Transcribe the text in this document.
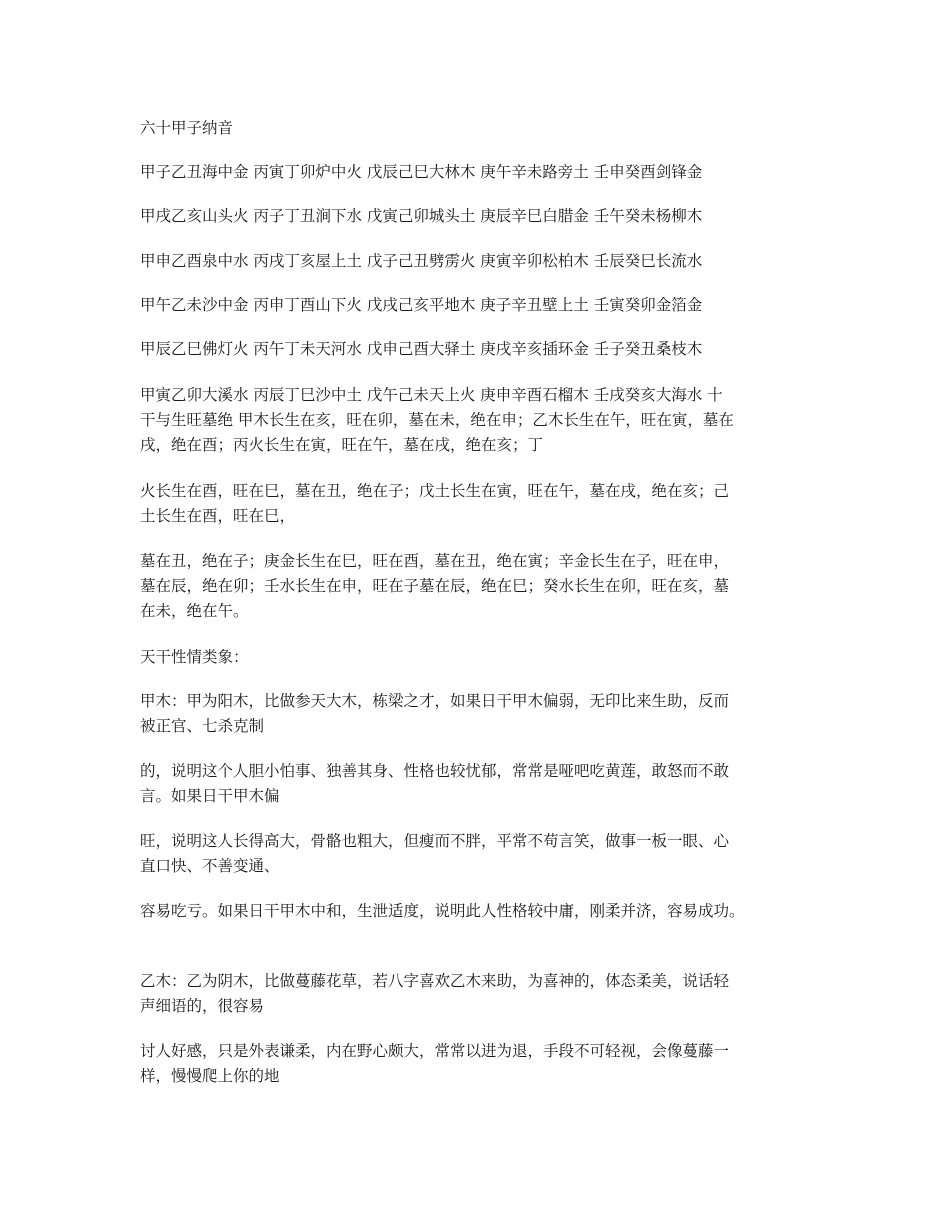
六十甲子纳音
甲子乙丑海中金 丙寅丁卯炉中火 戊辰己巳大林木 庚午辛未路旁土 壬申癸酉剑锋金
甲戌乙亥山头火 丙子丁丑涧下水 戊寅己卯城头土 庚辰辛巳白腊金 壬午癸未杨柳木
甲申乙酉泉中水 丙戌丁亥屋上土 戊子己丑劈雳火 庚寅辛卯松柏木 壬辰癸巳长流水
甲午乙未沙中金 丙申丁酉山下火 戊戌己亥平地木 庚子辛丑壁上土 壬寅癸卯金箔金
甲辰乙巳佛灯火 丙午丁未天河水 戊申己酉大驿土 庚戌辛亥插环金 壬子癸丑桑枝木
甲寅乙卯大溪水 丙辰丁巳沙中土 戊午己未天上火 庚申辛酉石榴木 壬戌癸亥大海水 十
干与生旺墓绝 甲木长生在亥，旺在卯，墓在未，绝在申；乙木长生在午，旺在寅，墓在
戌，绝在酉；丙火长生在寅，旺在午，墓在戌，绝在亥；丁
火长生在酉，旺在巳，墓在丑，绝在子；戊土长生在寅，旺在午，墓在戌，绝在亥；己
土长生在酉，旺在巳，
墓在丑，绝在子；庚金长生在巳，旺在酉，墓在丑，绝在寅；辛金长生在子，旺在申，
墓在辰，绝在卯；壬水长生在申，旺在子墓在辰，绝在巳；癸水长生在卯，旺在亥，墓
在未，绝在午。
天干性情类象：
甲木：甲为阳木，比做参天大木，栋梁之才，如果日干甲木偏弱，无印比来生助，反而
被正官、七杀克制
的，说明这个人胆小怕事、独善其身、性格也较忧郁，常常是哑吧吃黄莲，敢怒而不敢
言。如果日干甲木偏
旺，说明这人长得高大，骨骼也粗大，但瘦而不胖，平常不苟言笑，做事一板一眼、心
直口快、不善变通、
容易吃亏。如果日干甲木中和，生泄适度，说明此人性格较中庸，刚柔并济，容易成功。
乙木：乙为阴木，比做蔓藤花草，若八字喜欢乙木来助，为喜神的，体态柔美，说话轻
声细语的，很容易
讨人好感，只是外表谦柔，内在野心颇大，常常以进为退，手段不可轻视，会像蔓藤一
样，慢慢爬上你的地
